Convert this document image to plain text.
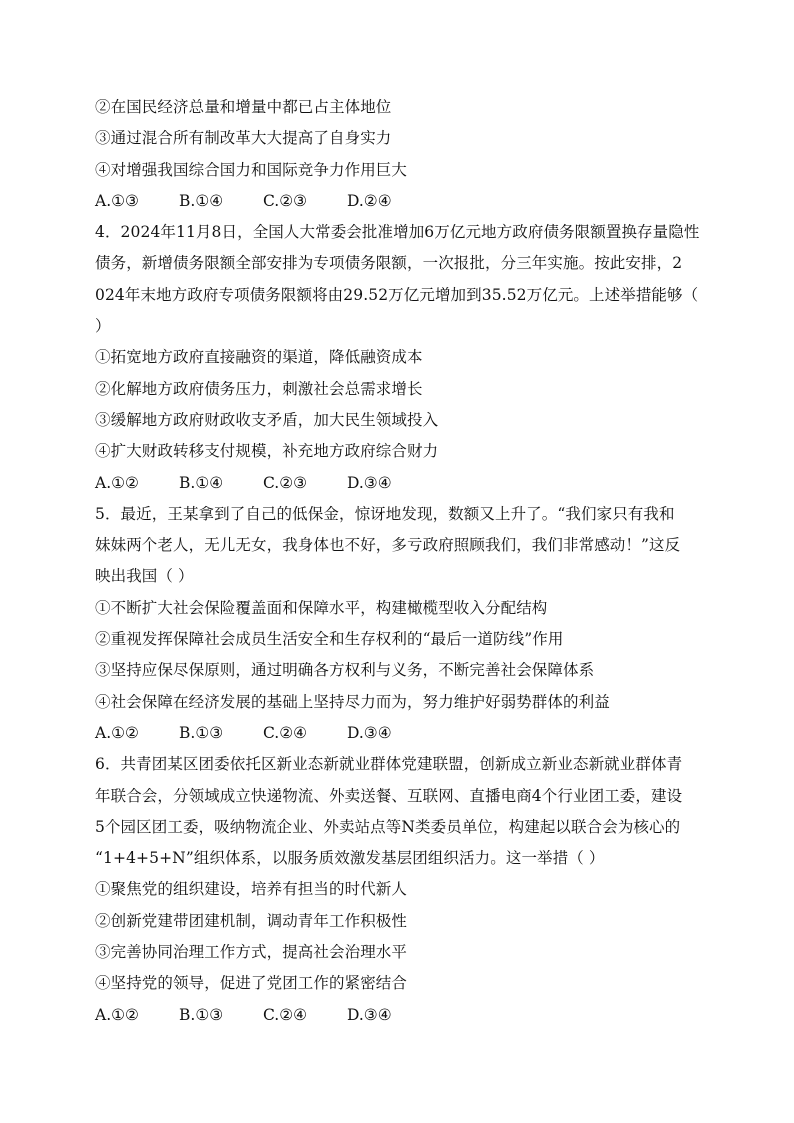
②在国民经济总量和增量中都已占主体地位
③通过混合所有制改革大大提高了自身实力
④对增强我国综合国力和国际竞争力作用巨大
A.①③	B.①④	C.②③	D.②④
4．2024年11月8日，全国人大常委会批准增加6万亿元地方政府债务限额置换存量隐性
债务，新增债务限额全部安排为专项债务限额，一次报批，分三年实施。按此安排，2
024年末地方政府专项债务限额将由29.52万亿元增加到35.52万亿元。上述举措能够（
）
①拓宽地方政府直接融资的渠道，降低融资成本
②化解地方政府债务压力，刺激社会总需求增长
③缓解地方政府财政收支矛盾，加大民生领域投入
④扩大财政转移支付规模，补充地方政府综合财力
A.①②	B.①④	C.②③	D.③④
5．最近，王某拿到了自己的低保金，惊讶地发现，数额又上升了。“我们家只有我和
妹妹两个老人，无儿无女，我身体也不好，多亏政府照顾我们，我们非常感动！”这反
映出我国（ ）
①不断扩大社会保险覆盖面和保障水平，构建橄榄型收入分配结构
②重视发挥保障社会成员生活安全和生存权利的“最后一道防线”作用
③坚持应保尽保原则，通过明确各方权利与义务，不断完善社会保障体系
④社会保障在经济发展的基础上坚持尽力而为，努力维护好弱势群体的利益
A.①②	B.①③	C.②④	D.③④
6．共青团某区团委依托区新业态新就业群体党建联盟，创新成立新业态新就业群体青
年联合会，分领域成立快递物流、外卖送餐、互联网、直播电商4个行业团工委，建设
5个园区团工委，吸纳物流企业、外卖站点等N类委员单位，构建起以联合会为核心的
“1+4+5+N”组织体系，以服务质效激发基层团组织活力。这一举措（ ）
①聚焦党的组织建设，培养有担当的时代新人
②创新党建带团建机制，调动青年工作积极性
③完善协同治理工作方式，提高社会治理水平
④坚持党的领导，促进了党团工作的紧密结合
A.①②	B.①③	C.②④	D.③④
